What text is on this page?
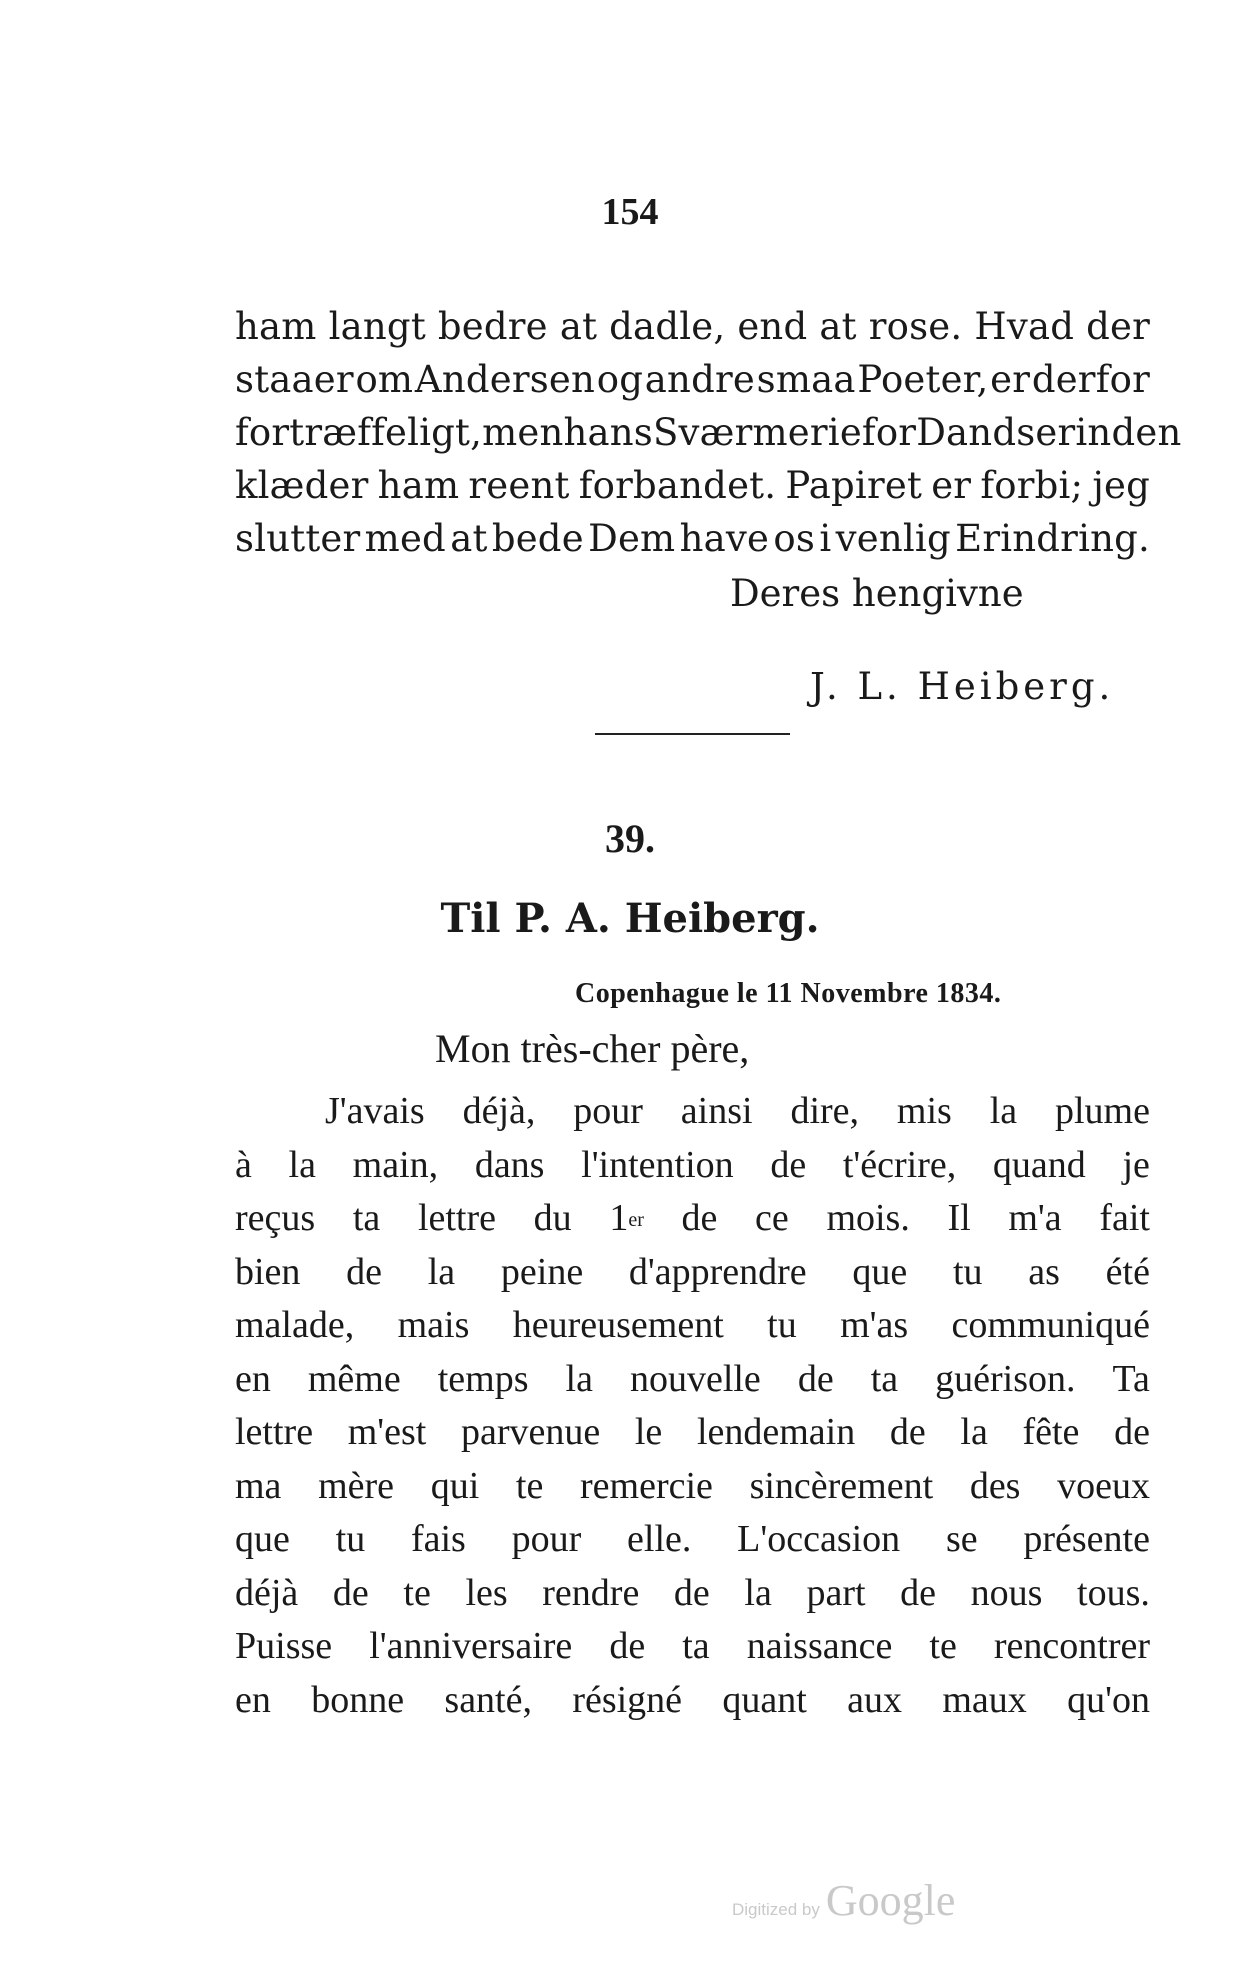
154
ham langt bedre at dadle, end at rose. Hvad der
staaer om Andersen og andre smaa Poeter, er derfor
fortræffeligt, men hans Sværmerie for Dandserinden
klæder ham reent forbandet. Papiret er forbi; jeg
slutter med at bede Dem have os i venlig Erindring.
Deres hengivne
J. L. Heiberg.
39.
Til P. A. Heiberg.
Copenhague le 11 Novembre 1834.
Mon très-cher père,
J'avais déjà, pour ainsi dire, mis la plume
à la main, dans l'intention de t'écrire, quand je
reçus ta lettre du 1er de ce mois. Il m'a fait
bien de la peine d'apprendre que tu as été
malade, mais heureusement tu m'as communiqué
en même temps la nouvelle de ta guérison. Ta
lettre m'est parvenue le lendemain de la fête de
ma mère qui te remercie sincèrement des voeux
que tu fais pour elle. L'occasion se présente
déjà de te les rendre de la part de nous tous.
Puisse l'anniversaire de ta naissance te rencontrer
en bonne santé, résigné quant aux maux qu'on
Digitized by Google
